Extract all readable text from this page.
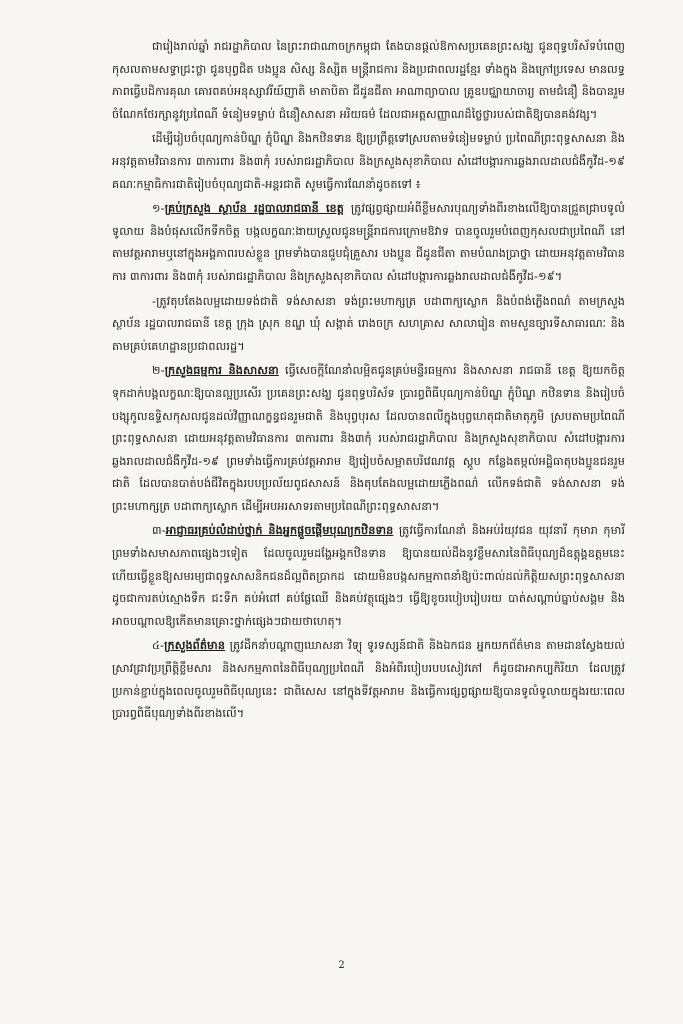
ជារៀងរាល់ឆ្នាំ រាជរដ្ឋាភិបាល នៃព្រះរាជាណាចក្រកម្ពុជា តែងបានផ្តល់ឱកាសប្រគេនព្រះសង្ឃ ជូនពុទ្ធបរិស័ទបំពេញកុសលតាមសទ្ធាជ្រះថ្លា ជូនបុព្វជិត បងប្អូន សិស្ស និស្សិត មន្ត្រីរាជការ និងប្រជាពលរដ្ឋខ្មែរ ទាំងក្នុង និងក្រៅប្រទេស មានលទ្ធភាពធ្វើបដិការគុណ គោរពគប់អនុស្សាវរីយ៍ញាតិ មាតាបិតា ជីដូនជីតា អាណាព្យាបាល គ្រូឧបជ្ឈាយាចារ្យ តាមជំនឿ និងបានរួមចំណែកថែរក្សានូវប្រពៃណី ទំនៀមទម្លាប់ ជំនឿសាសនា អរិយធម៌ ដែលជាអត្តសញ្ញាណដ៏ថ្លៃថ្លារបស់ជាតិឱ្យបានគង់វង្ស។

ដើម្បីរៀបចំបុណ្យកាន់បិណ្ឌ ភ្ជុំបិណ្ឌ និងកឋិនទាន ឱ្យប្រព្រឹត្តទៅស្របតាមទំនៀមទម្លាប់ ប្រពៃណីព្រះពុទ្ធសាសនា និងអនុវត្តតាមវិធានការ ៣ការពារ និង៣កុំ របស់រាជរដ្ឋាភិបាល និងក្រសួងសុខាភិបាល សំដៅបង្ការការឆ្លងរាលដាលជំងឺកូវីដ-១៩ គណៈកម្មាធិការជាតិរៀបចំបុណ្យជាតិ-អន្តរជាតិ សូមធ្វើការណែនាំដូចតទៅ ៖

១-គ្រប់ក្រសួង ស្ថាប័ន រដ្ឋបាលរាជធានី ខេត្ត ត្រូវផ្សព្វផ្សាយអំពីខ្លឹមសារបុណ្យទាំងពីរខាងលើឱ្យបានជ្រួតជ្រាបទូលំទូលាយ និងបំផុសលើកទឹកចិត្ត បង្កលក្ខណៈងាយស្រួលជូនមន្ត្រីរាជការក្រោមឱវាទ បានចូលរួមបំពេញកុសលជាប្រពៃណី នៅតាមវត្តអារាមឬនៅក្នុងអង្គភាពរបស់ខ្លួន ព្រមទាំងបានជួបជុំគ្រួសារ បងប្អូន ជីដូនជីតា តាមបំណងប្រាថ្នា ដោយអនុវត្តតាមវិធានការ ៣ការពារ និង៣កុំ របស់រាជរដ្ឋាភិបាល និងក្រសួងសុខាភិបាល សំដៅបង្ការការឆ្លងរាលដាលជំងឺកូវីដ-១៩។

-ត្រូវតុបតែងលម្អដោយទង់ជាតិ ទង់សាសនា ទង់ព្រះមហាក្សត្រ បដាពាក្យស្លោក និងបំពង់ភ្លើងពណ៌ តាមក្រសួង ស្ថាប័ន រដ្ឋបាលរាជធានី ខេត្ត ក្រុង ស្រុក ខណ្ឌ ឃុំ សង្កាត់ រោងចក្រ សហគ្រាស សាលារៀន តាមសួនច្បារទីសាធារណៈ និងតាមគ្រប់គេហដ្ឋានប្រជាពលរដ្ឋ។

២-ក្រសួងធម្មការ និងសាសនា ធ្វើសេចក្តីណែនាំលម្អិតជូនគ្រប់មន្ទីរធម្មការ និងសាសនា រាជធានី ខេត្ត ឱ្យយកចិត្តទុកដាក់បង្កលក្ខណៈឱ្យបានល្អប្រសើរ ប្រគេនព្រះសង្ឃ ជូនពុទ្ធបរិស័ទ ប្រារព្ធពិធីបុណ្យកាន់បិណ្ឌ ភ្ជុំបិណ្ឌ កឋិនទាន និងរៀបចំបង្សុកូលឧទ្ទិសកុសលជូនដល់វិញ្ញាណក្ខន្ធជនរួមជាតិ និងបុព្វបុរស ដែលបានពលីក្នុងបុព្វហេតុជាតិមាតុភូមិ ស្របតាមប្រពៃណីព្រះពុទ្ធសាសនា ដោយអនុវត្តតាមវិធានការ ៣ការពារ និង៣កុំ របស់រាជរដ្ឋាភិបាល និងក្រសួងសុខាភិបាល សំដៅបង្ការការឆ្លងរាលដាលជំងឺកូវីដ-១៩ ព្រមទាំងធ្វើការគ្រប់វត្តអារាម ឱ្យរៀបចំសម្អាតបរិវេណវត្ត ស្តូប កន្លែងតម្កល់អដ្ឋិធាតុបងប្អូនជនរួមជាតិ ដែលបានបាត់បង់ជីវិតក្នុងរបបប្រល័យពូជសាសន៍ និងតុបតែងលម្អដោយភ្លើងពណ៌ លើកទង់ជាតិ ទង់សាសនា ទង់ព្រះមហាក្សត្រ បដាពាក្យស្លោក ដើម្បីអបអរសាទរតាមប្រពៃណីព្រះពុទ្ធសាសនា។

៣-អាជ្ញាធរគ្រប់លំដាប់ថ្នាក់ និងអ្នកផ្តួចផ្តើមបុណ្យកឋិនទាន ត្រូវធ្វើការណែនាំ និងអប់រំយុវជន យុវនារី កុមារា កុមារី ព្រមទាំងសមាសភាពផ្សេងៗទៀត ដែលចូលរួមដង្ហែអង្គកឋិនទាន ឱ្យបានយល់ដឹងនូវខ្លឹមសារនៃពិធីបុណ្យដ៏ឧត្តុង្គឧត្តមនេះ ហើយធ្វើខ្លួនឱ្យសមរម្យជាពុទ្ធសាសនិកជនដ៏ល្អពិតប្រាកដ ដោយមិនបង្កសកម្មភាពនាំឱ្យប៉ះពាល់ដល់កិត្តិយសព្រះពុទ្ធសាសនា ដូចជាការតប់ស្មោងទឹក ជះទឹក គប់អំពៅ គប់ផ្លែឈើ និងគប់វត្ថុផ្សេងៗ ធ្វើឱ្យខូចរបៀបរៀបរយ បាត់សណ្តាប់ធ្នាប់សង្គម និងអាចបណ្តាលឱ្យកើតមានគ្រោះថ្នាក់ផ្សេងៗជាយថាហេតុ។

៤-ក្រសួងព័ត៌មាន ត្រូវដឹកនាំបណ្តាញឃោសនា វិទ្យុ ទូរទស្សន៍ជាតិ និងឯកជន អ្នកយកព័ត៌មាន តាមដានស្វែងយល់ស្រាវជ្រាវប្រព្រឹត្តិខ្លឹមសារ និងសកម្មភាពនៃពិធីបុណ្យប្រពៃណី និងអំពីរបៀបរបបសៀវភៅ ក៏ដូចជាអាកប្បកិរិយា ដែលត្រូវប្រកាន់ខ្ជាប់ក្នុងពេលចូលរួមពិធីបុណ្យនេះ ជាពិសេស នៅក្នុងទីវត្តអារាម និងធ្វើការផ្សព្វផ្សាយឱ្យបានទូលំទូលាយក្នុងរយៈពេលប្រារព្ធពិធីបុណ្យទាំងពីរខាងលើ។

2
